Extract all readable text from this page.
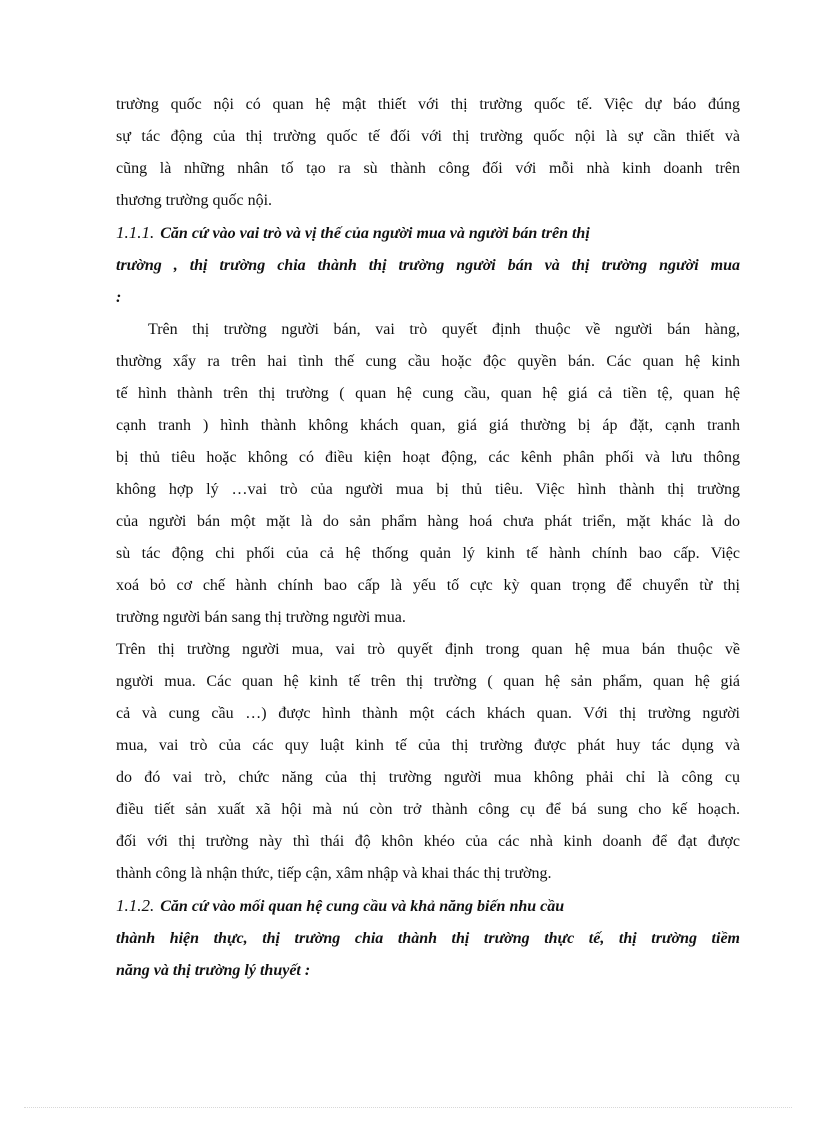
trường quốc nội có quan hệ mật thiết với thị trường quốc tế. Việc dự báo đúng
sự tác động của thị trường quốc tế đối với thị trường quốc nội là sự cần thiết và
cũng là những nhân tố tạo ra sù thành công đối với mỗi nhà kinh doanh trên
thương trường quốc nội.
1.1.1. Căn cứ vào vai trò và vị thế của người mua và người bán trên thị
trường , thị trường chia thành thị trường người bán và thị trường người mua
:
Trên thị trường người bán, vai trò quyết định thuộc về người bán hàng,
thường xẩy ra trên hai tình thế cung cầu hoặc độc quyền bán. Các quan hệ kinh
tế hình thành trên thị trường ( quan hệ cung cầu, quan hệ giá cả tiền tệ, quan hệ
cạnh tranh ) hình thành không khách quan, giá giá thường bị áp đặt, cạnh tranh
bị thủ tiêu hoặc không có điều kiện hoạt động, các kênh phân phối và lưu thông
không hợp lý …vai trò của người mua bị thủ tiêu. Việc hình thành thị trường
của người bán một mặt là do sản phẩm hàng hoá chưa phát triển, mặt khác là do
sù tác động chi phối của cả hệ thống quản lý kinh tế hành chính bao cấp. Việc
xoá bỏ cơ chế hành chính bao cấp là yếu tố cực kỳ quan trọng để chuyển từ thị
trường người bán sang thị trường người mua.
Trên thị trường người mua, vai trò quyết định trong quan hệ mua bán thuộc về
người mua. Các quan hệ kinh tế trên thị trường ( quan hệ sản phẩm, quan hệ giá
cả và cung cầu …) được hình thành một cách khách quan. Với thị trường người
mua, vai trò của các quy luật kinh tế của thị trường được phát huy tác dụng và
do đó vai trò, chức năng của thị trường người mua không phải chỉ là công cụ
điều tiết sản xuất xã hội mà nú còn trở thành công cụ để bá sung cho kế hoạch.
đối với thị trường này thì thái độ khôn khéo của các nhà kinh doanh để đạt được
thành công là nhận thức, tiếp cận, xâm nhập và khai thác thị trường.
1.1.2. Căn cứ vào mối quan hệ cung cầu và khả năng biến nhu cầu
thành hiện thực, thị trường chia thành thị trường thực tế, thị trường tiềm
năng và thị trường lý thuyết :
